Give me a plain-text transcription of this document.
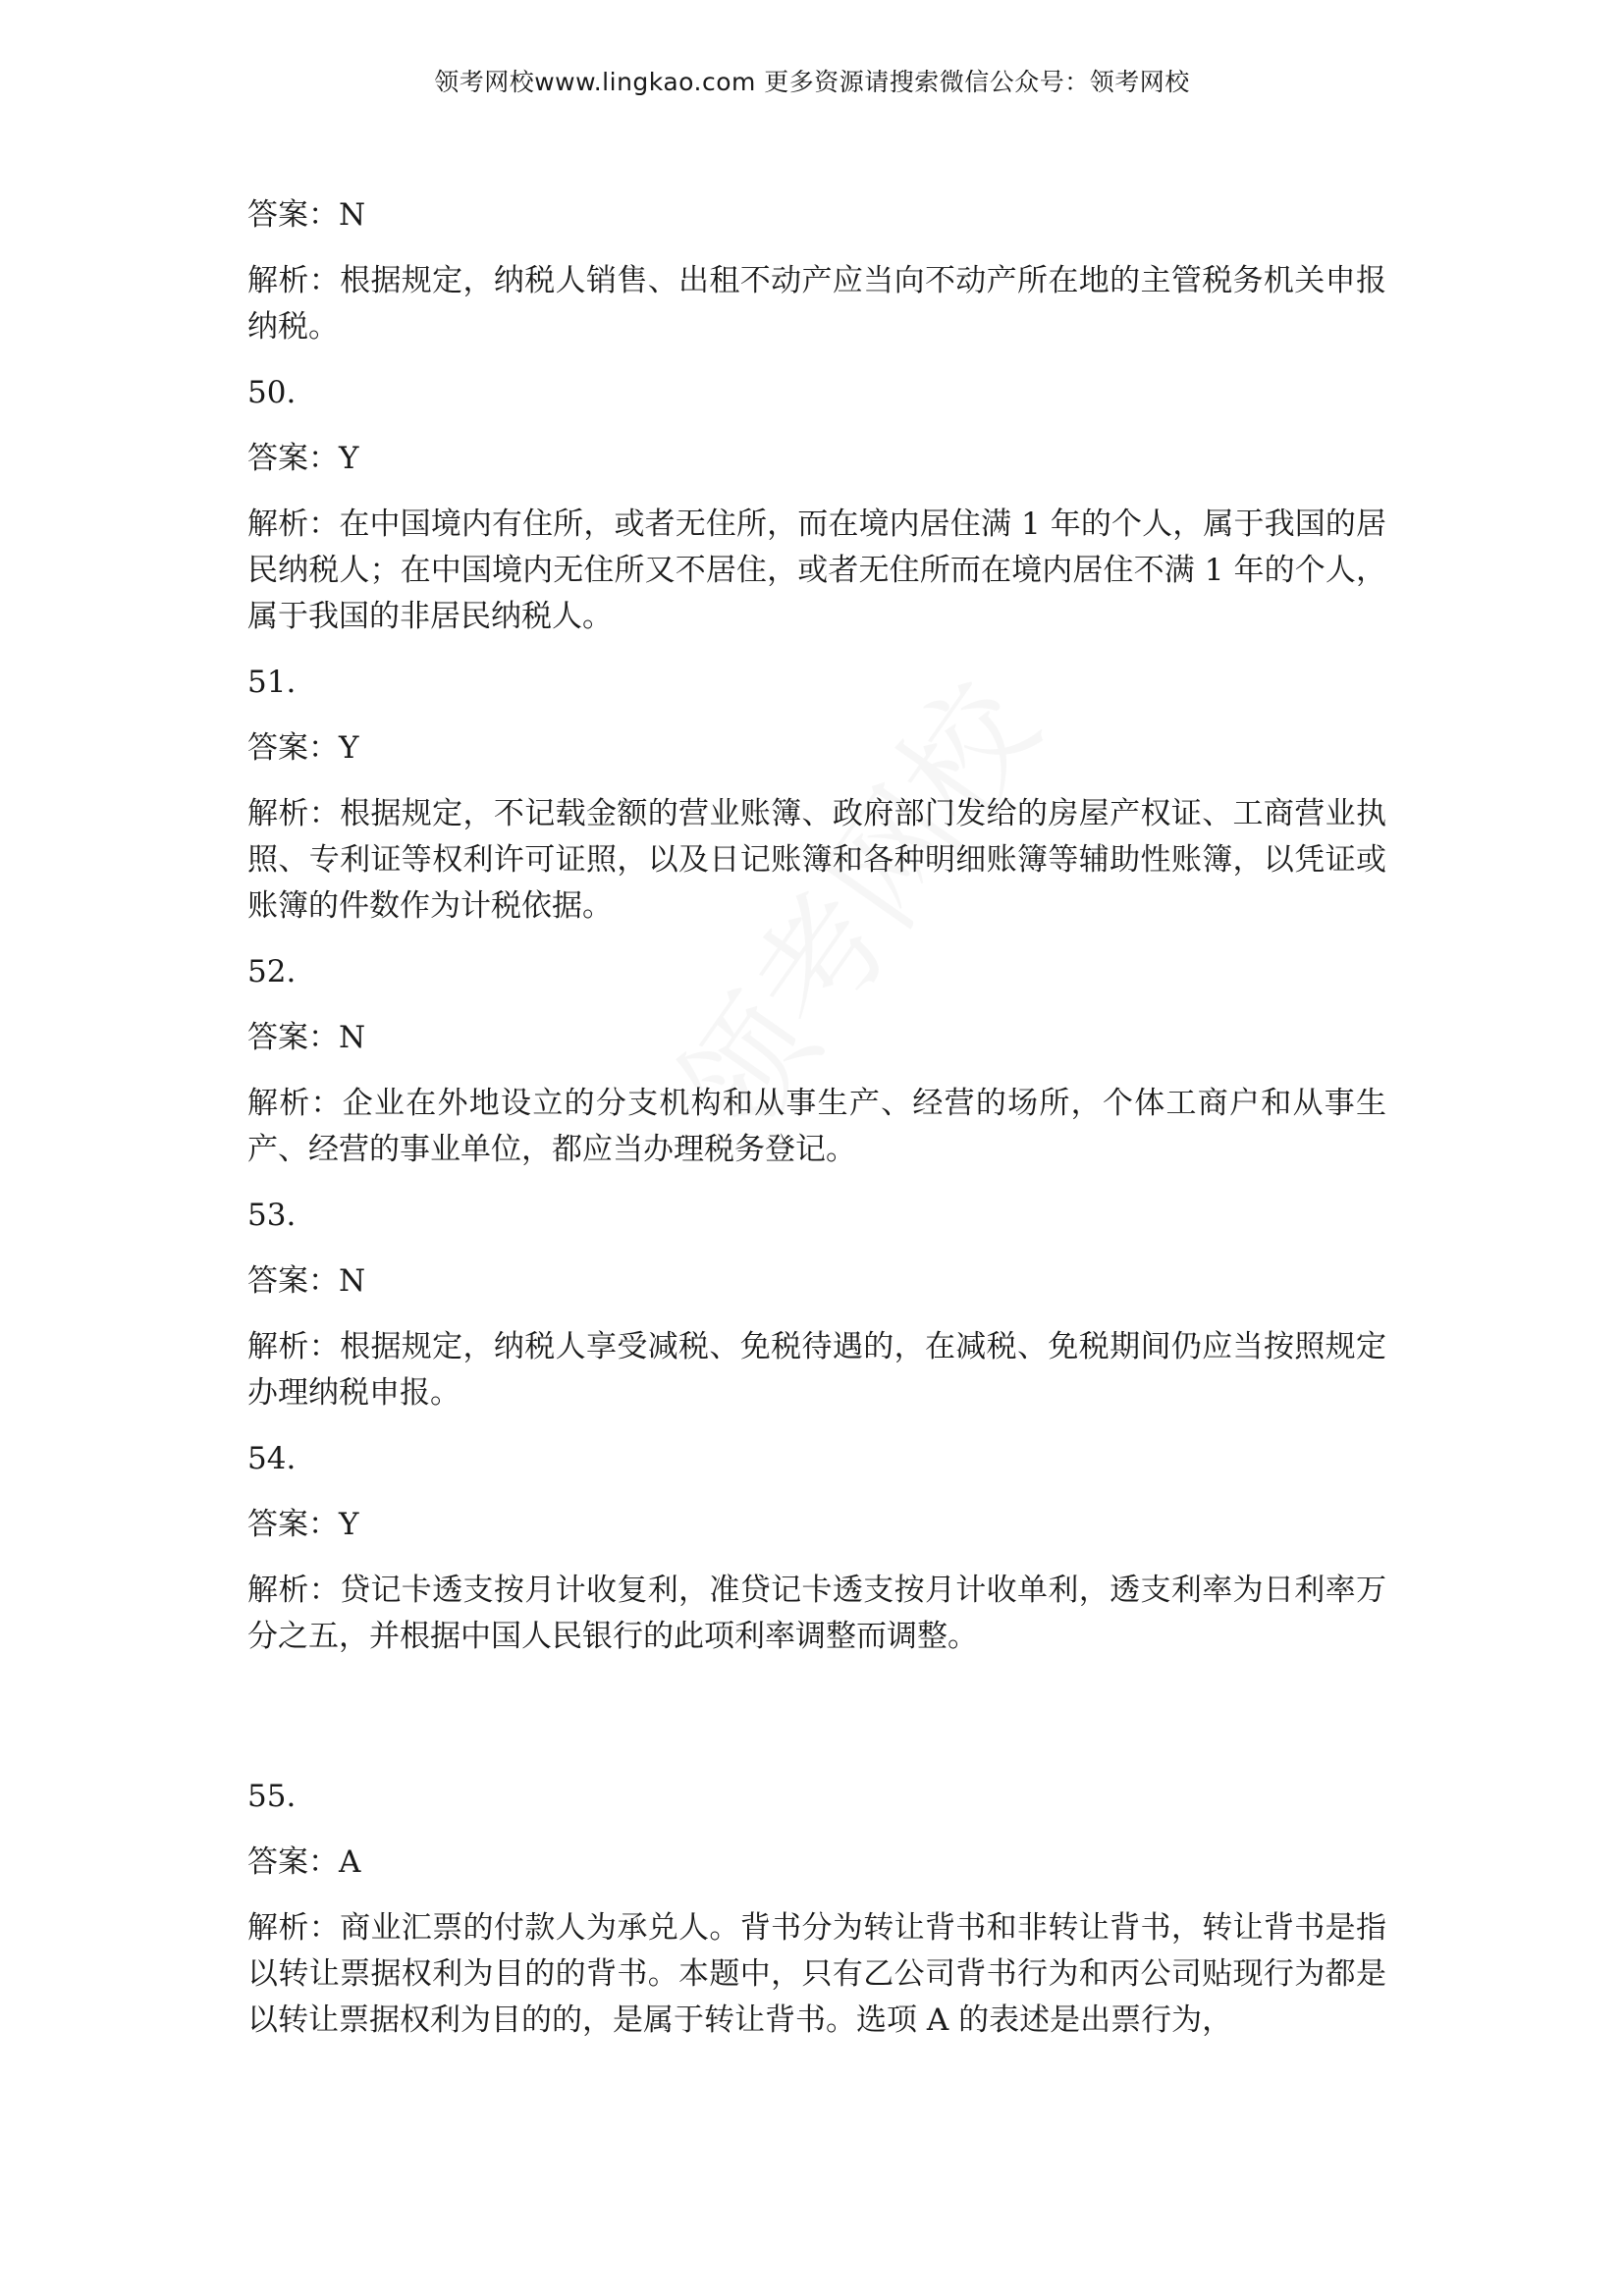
领考网校www.lingkao.com 更多资源请搜索微信公众号：领考网校

答案：N

解析：根据规定，纳税人销售、出租不动产应当向不动产所在地的主管税务机关申报纳税。

50.

答案：Y

解析：在中国境内有住所，或者无住所，而在境内居住满 1 年的个人，属于我国的居民纳税人；在中国境内无住所又不居住，或者无住所而在境内居住不满 1 年的个人，属于我国的非居民纳税人。

51.

答案：Y

解析：根据规定，不记载金额的营业账簿、政府部门发给的房屋产权证、工商营业执照、专利证等权利许可证照，以及日记账簿和各种明细账簿等辅助性账簿，以凭证或账簿的件数作为计税依据。

52.

答案：N

解析：企业在外地设立的分支机构和从事生产、经营的场所，个体工商户和从事生产、经营的事业单位，都应当办理税务登记。

53.

答案：N

解析：根据规定，纳税人享受减税、免税待遇的，在减税、免税期间仍应当按照规定办理纳税申报。

54.

答案：Y

解析：贷记卡透支按月计收复利，准贷记卡透支按月计收单利，透支利率为日利率万分之五，并根据中国人民银行的此项利率调整而调整。

55.

答案：A

解析：商业汇票的付款人为承兑人。背书分为转让背书和非转让背书，转让背书是指以转让票据权利为目的的背书。本题中，只有乙公司背书行为和丙公司贴现行为都是以转让票据权利为目的的，是属于转让背书。选项 A 的表述是出票行为，
